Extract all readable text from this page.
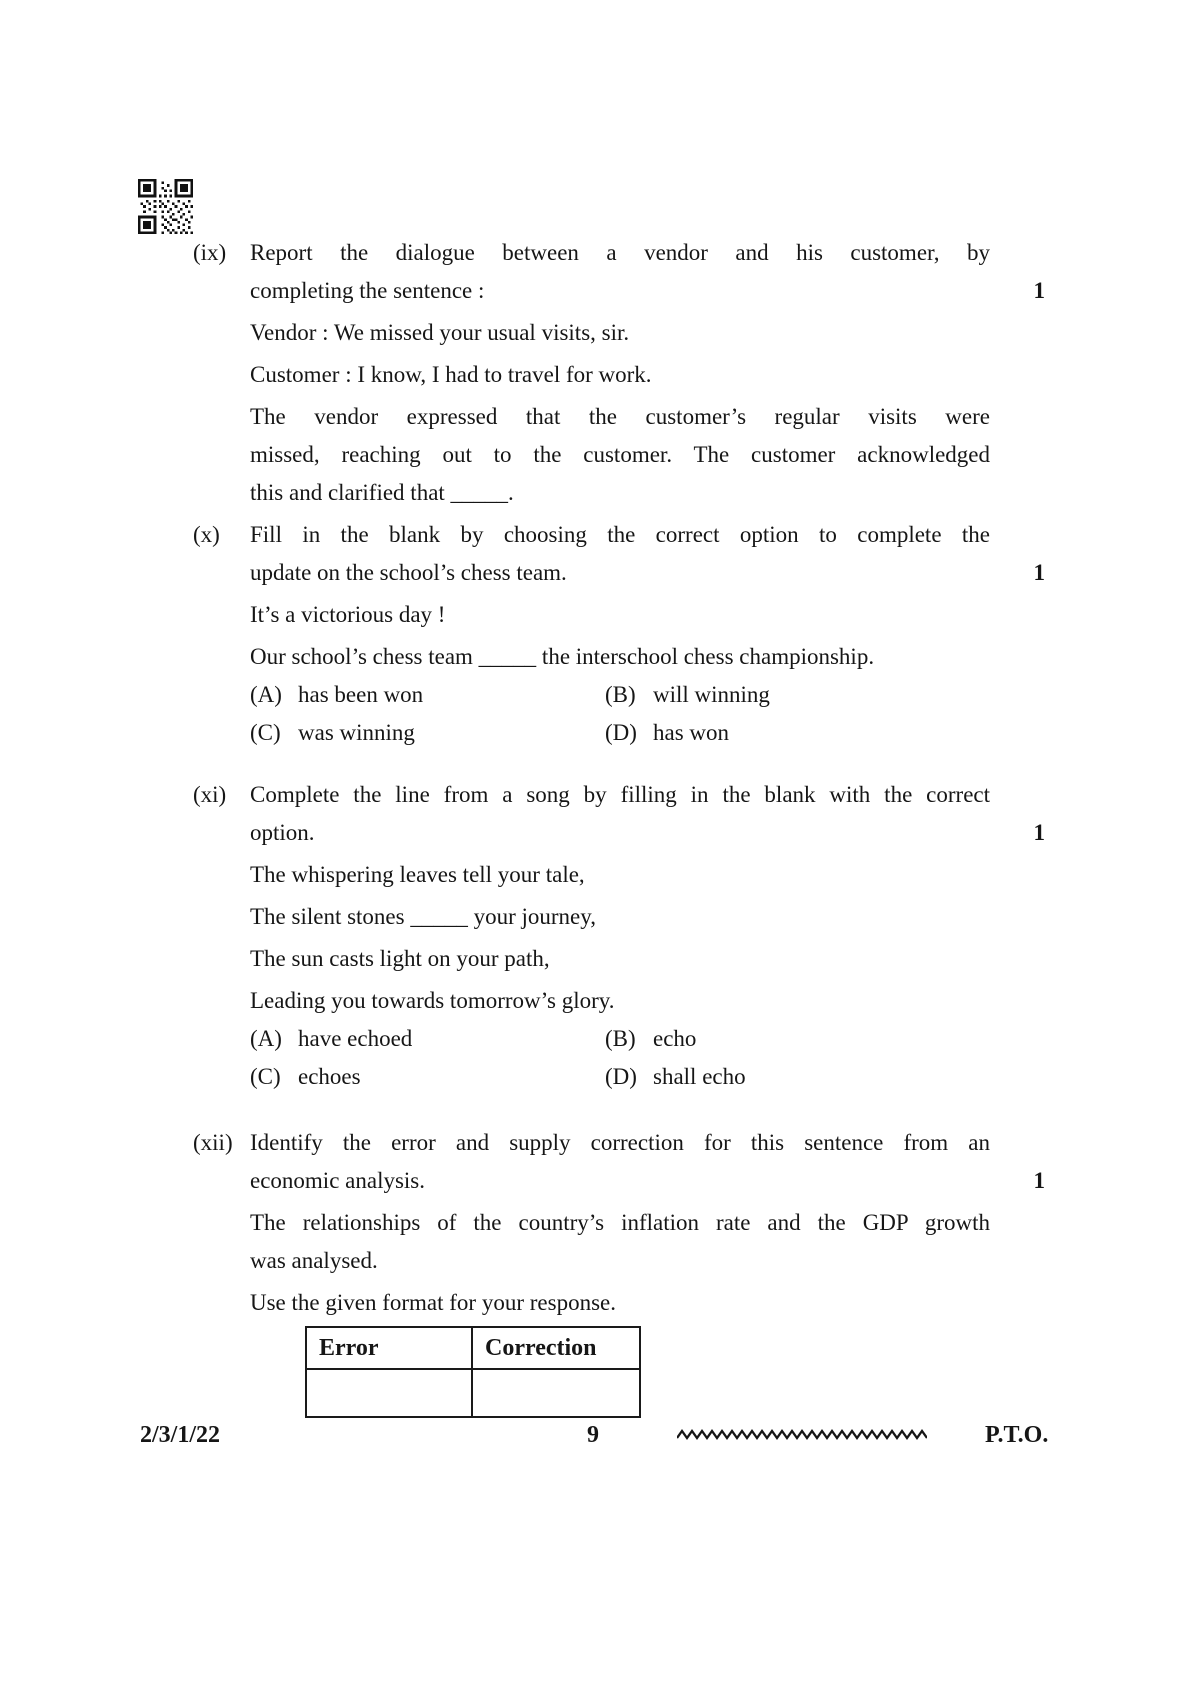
(ix)
1
Report the dialogue between a vendor and his customer, by
completing the sentence :
Vendor : We missed your usual visits, sir.
Customer : I know, I had to travel for work.
The vendor expressed that the customer’s regular visits were
missed, reaching out to the customer. The customer acknowledged
this and clarified that _____.
(x)
1
Fill in the blank by choosing the correct option to complete the
update on the school’s chess team.
It’s a victorious day !
Our school’s chess team _____ the interschool chess championship.
(A) has been won	(B) will winning
(C) was winning	(D) has won
(xi)
1
Complete the line from a song by filling in the blank with the correct
option.
The whispering leaves tell your tale,
The silent stones _____ your journey,
The sun casts light on your path,
Leading you towards tomorrow’s glory.
(A) have echoed	(B) echo
(C) echoes	(D) shall echo
(xii)
1
Identify the error and supply correction for this sentence from an
economic analysis.
The relationships of the country’s inflation rate and the GDP growth
was analysed.
Use the given format for your response.
Error	Correction

2/3/1/22	9	P.T.O.
